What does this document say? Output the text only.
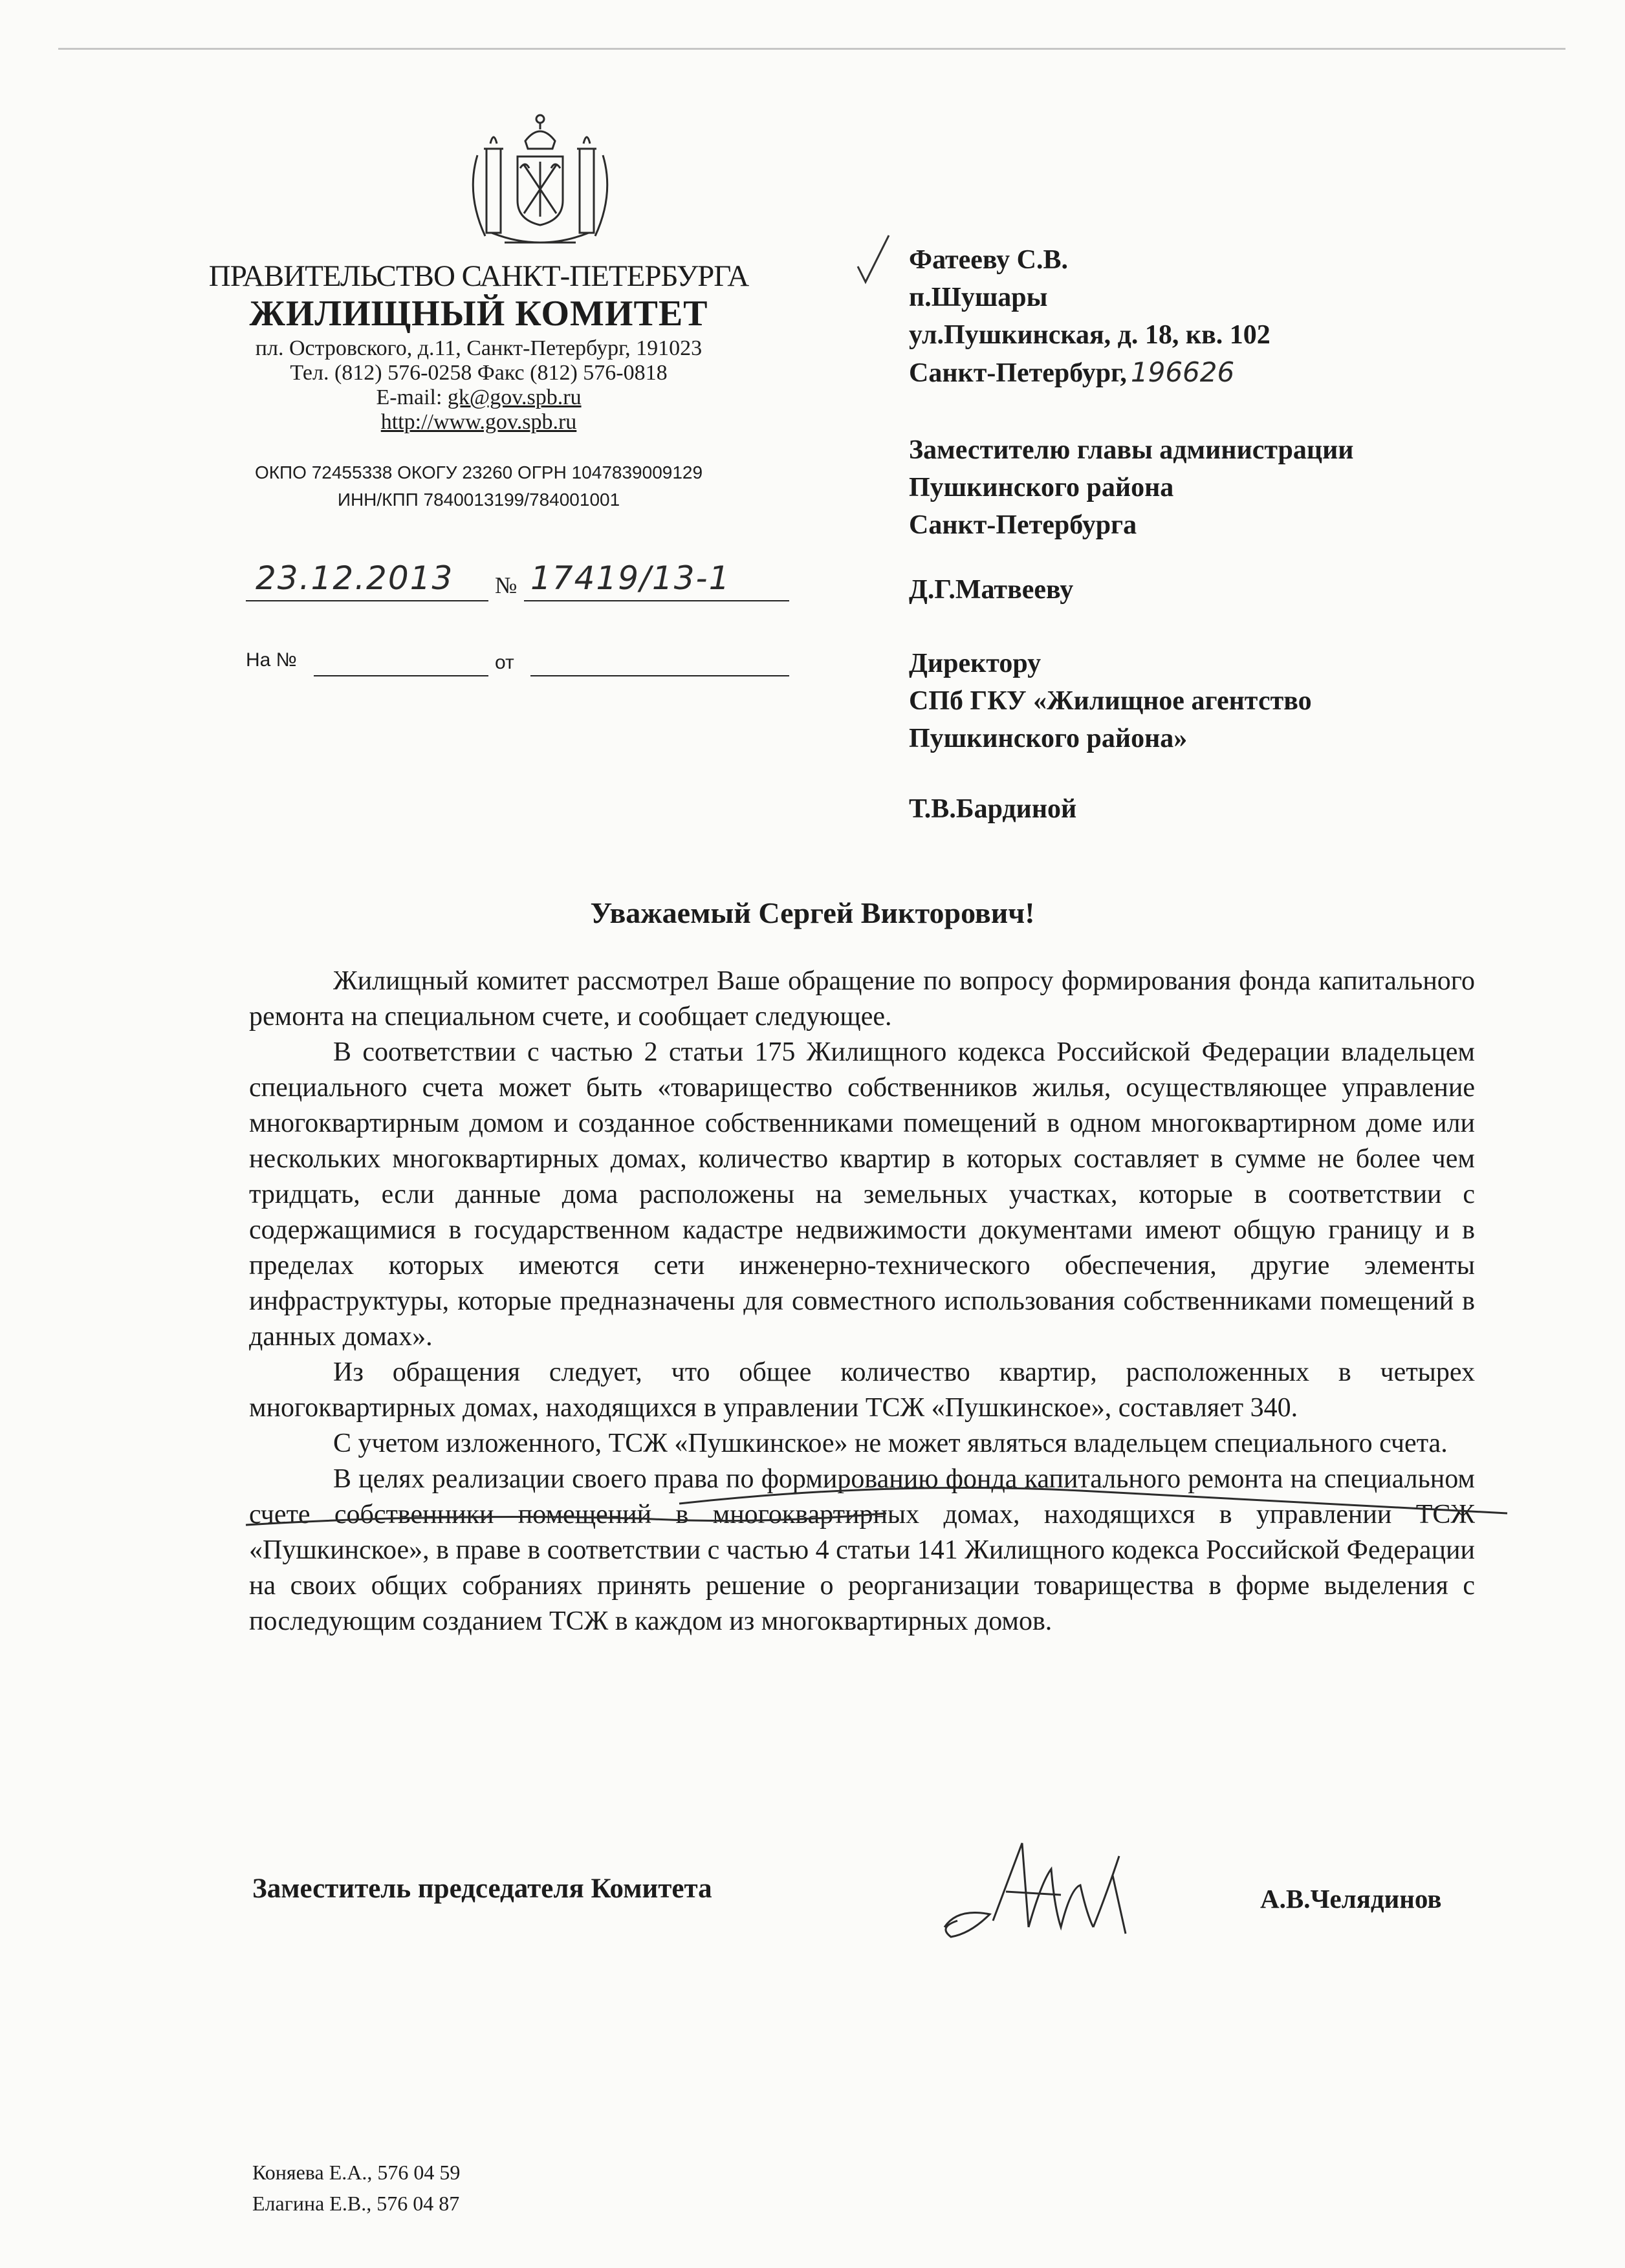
ПРАВИТЕЛЬСТВО САНКТ-ПЕТЕРБУРГА
ЖИЛИЩНЫЙ КОМИТЕТ
пл. Островского, д.11, Санкт-Петербург, 191023
Тел. (812) 576-0258 Факс (812) 576-0818
E-mail: gk@gov.spb.ru
http://www.gov.spb.ru
ОКПО 72455338 ОКОГУ 23260 ОГРН 1047839009129
ИНН/КПП 7840013199/784001001
23.12.2013 № 17419/13-1
На №	от
Фатееву С.В.
п.Шушары
ул.Пушкинская, д. 18, кв. 102
Санкт-Петербург, 196626
Заместителю главы администрации
Пушкинского района
Санкт-Петербурга
Д.Г.Матвееву
Директору
СПб ГКУ «Жилищное агентство
Пушкинского района»
Т.В.Бардиной
Уважаемый Сергей Викторович!

Жилищный комитет рассмотрел Ваше обращение по вопросу формирования фонда капитального ремонта на специальном счете, и сообщает следующее.

В соответствии с частью 2 статьи 175 Жилищного кодекса Российской Федерации владельцем специального счета может быть «товарищество собственников жилья, осуществляющее управление многоквартирным домом и созданное собственниками помещений в одном многоквартирном доме или нескольких многоквартирных домах, количество квартир в которых составляет в сумме не более чем тридцать, если данные дома расположены на земельных участках, которые в соответствии с содержащимися в государственном кадастре недвижимости документами имеют общую границу и в пределах которых имеются сети инженерно-технического обеспечения, другие элементы инфраструктуры, которые предназначены для совместного использования собственниками помещений в данных домах».

Из обращения следует, что общее количество квартир, расположенных в четырех многоквартирных домах, находящихся в управлении ТСЖ «Пушкинское», составляет 340.

С учетом изложенного, ТСЖ «Пушкинское» не может являться владельцем специального счета.

В целях реализации своего права по формированию фонда капитального ремонта на специальном счете собственники помещений в многоквартирных домах, находящихся в управлении ТСЖ «Пушкинское», в праве в соответствии с частью 4 статьи 141 Жилищного кодекса Российской Федерации на своих общих собраниях принять решение о реорганизации товарищества в форме выделения с последующим созданием ТСЖ в каждом из многоквартирных домов.

Заместитель председателя Комитета	А.В.Челядинов
Коняева Е.А., 576 04 59
Елагина Е.В., 576 04 87
